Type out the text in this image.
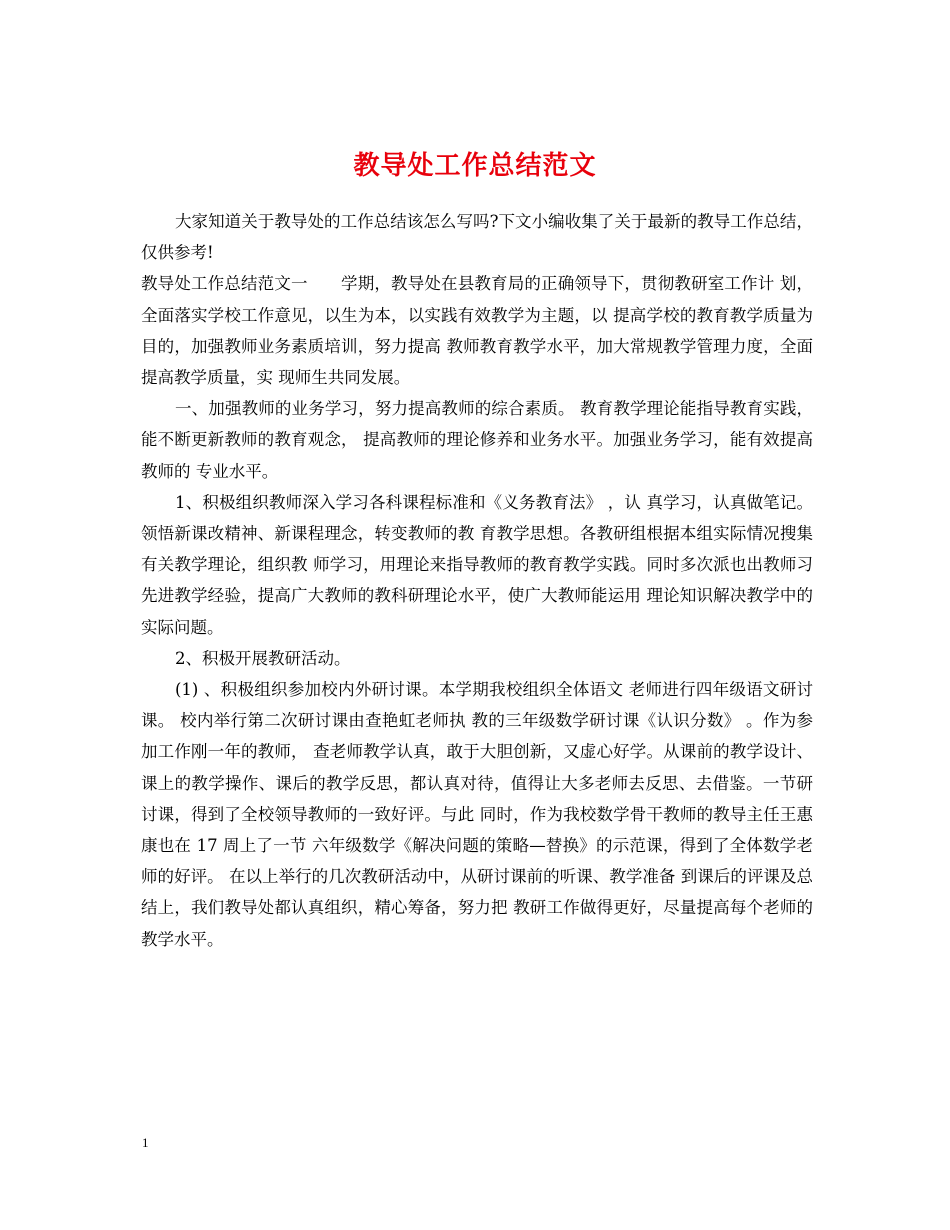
教导处工作总结范文

大家知道关于教导处的工作总结该怎么写吗?下文小编收集了关于最新的教导工作总结，仅供参考!

教导处工作总结范文一　　学期，教导处在县教育局的正确领导下，贯彻教研室工作计 划，全面落实学校工作意见，以生为本，以实践有效教学为主题，以 提高学校的教育教学质量为目的，加强教师业务素质培训，努力提高 教师教育教学水平，加大常规教学管理力度，全面提高教学质量，实 现师生共同发展。

一、加强教师的业务学习，努力提高教师的综合素质。 教育教学理论能指导教育实践，能不断更新教师的教育观念， 提高教师的理论修养和业务水平。加强业务学习，能有效提高教师的 专业水平。

1、积极组织教师深入学习各科课程标准和《义务教育法》 ，认 真学习，认真做笔记。领悟新课改精神、新课程理念，转变教师的教 育教学思想。各教研组根据本组实际情况搜集有关教学理论，组织教 师学习，用理论来指导教师的教育教学实践。同时多次派也出教师习 先进教学经验，提高广大教师的教科研理论水平，使广大教师能运用 理论知识解决教学中的实际问题。

2、积极开展教研活动。

(1) 、积极组织参加校内外研讨课。本学期我校组织全体语文 老师进行四年级语文研讨课。 校内举行第二次研讨课由查艳虹老师执 教的三年级数学研讨课《认识分数》 。作为参加工作刚一年的教师， 查老师教学认真，敢于大胆创新，又虚心好学。从课前的教学设计、 课上的教学操作、课后的教学反思，都认真对待，值得让大多老师去反思、去借鉴。一节研讨课，得到了全校领导教师的一致好评。与此 同时，作为我校数学骨干教师的教导主任王惠康也在 17 周上了一节 六年级数学《解决问题的策略—替换》的示范课，得到了全体数学老 师的好评。 在以上举行的几次教研活动中，从研讨课前的听课、教学准备 到课后的评课及总结上，我们教导处都认真组织，精心筹备，努力把 教研工作做得更好，尽量提高每个老师的教学水平。

1
